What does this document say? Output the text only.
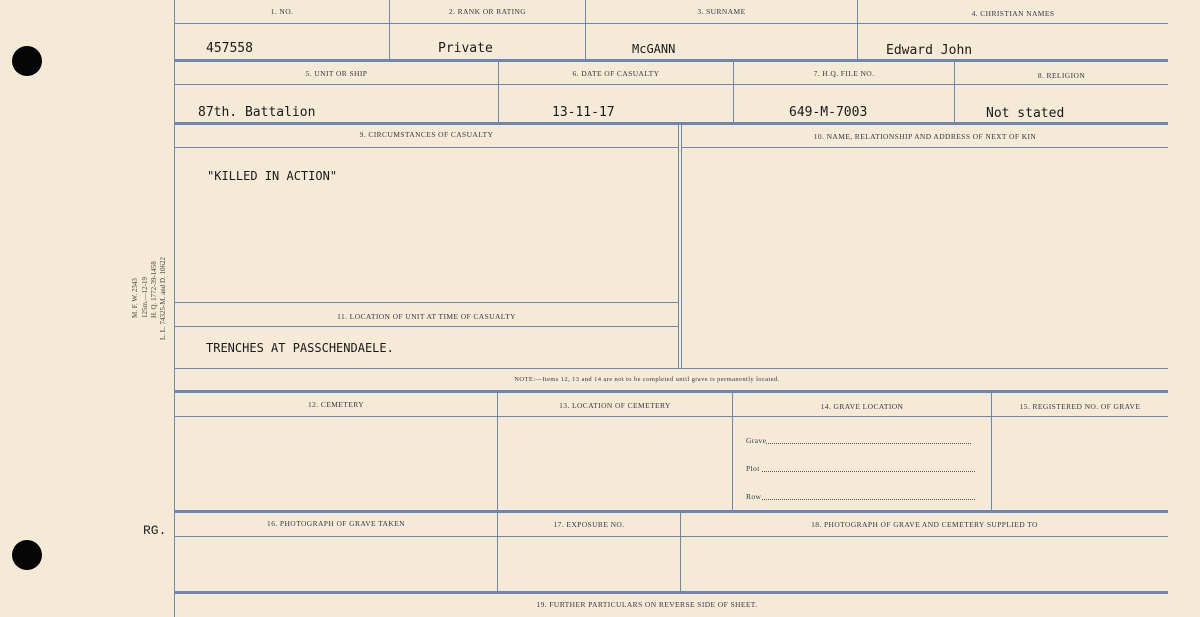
M. F. W. 2343 125m.—12-19 H. Q. 1772-39-1458 L. L. 74325-M. and D. 10622
RG.
1. NO.	2. RANK OR RATING	3. SURNAME	4. CHRISTIAN NAMES
457558	Private	McGANN	Edward John
5. UNIT OR SHIP	6. DATE OF CASUALTY	7. H.Q. FILE NO.	8. RELIGION
87th. Battalion	13-11-17	649-M-7003	Not stated
9. CIRCUMSTANCES OF CASUALTY	10. NAME, RELATIONSHIP AND ADDRESS OF NEXT OF KIN
"KILLED IN ACTION"
11. LOCATION OF UNIT AT TIME OF CASUALTY
TRENCHES AT PASSCHENDAELE.
NOTE:—Items 12, 13 and 14 are not to be completed until grave is permanently located.
12. CEMETERY	13. LOCATION OF CEMETERY	14. GRAVE LOCATION	15. REGISTERED NO. OF GRAVE
Grave
Plot
Row
16. PHOTOGRAPH OF GRAVE TAKEN	17. EXPOSURE NO.	18. PHOTOGRAPH OF GRAVE AND CEMETERY SUPPLIED TO
19. FURTHER PARTICULARS ON REVERSE SIDE OF SHEET.
